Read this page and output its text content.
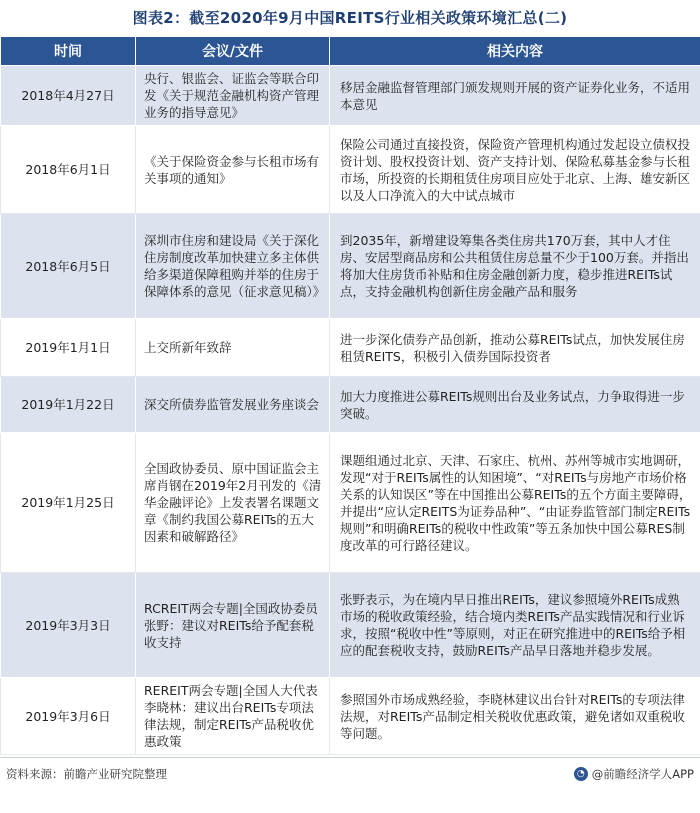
图表2：截至2020年9月中国REITS行业相关政策环境汇总(二)
时间	会议/文件	相关内容
2018年4月27日	央行、银监会、证监会等联合印发《关于规范金融机构资产管理业务的指导意见》	移居金融监督管理部门颁发规则开展的资产证券化业务，不适用本意见
2018年6月1日	《关于保险资金参与长租市场有关事项的通知》	保险公司通过直接投资，保险资产管理机构通过发起设立债权投资计划、股权投资计划、资产支持计划、保险私募基金参与长租市场，所投资的长期租赁住房项目应处于北京、上海、雄安新区以及人口净流入的大中试点城市
2018年6月5日	深圳市住房和建设局《关于深化住房制度改革加快建立多主体供给多渠道保障租购并举的住房于保障体系的意见（征求意见稿）》	到2035年，新增建设筹集各类住房共170万套，其中人才住房、安居型商品房和公共租赁住房总量不少于100万套。并指出将加大住房货币补贴和住房金融创新力度，稳步推进REITs试点，支持金融机构创新住房金融产品和服务
2019年1月1日	上交所新年致辞	进一步深化债券产品创新，推动公募REITs试点，加快发展住房租赁REITS，积极引入债券国际投资者
2019年1月22日	深交所债券监管发展业务座谈会	加大力度推进公募REITs规则出台及业务试点，力争取得进一步突破。
2019年1月25日	全国政协委员、原中国证监会主席肖钢在2019年2月刊发的《清华金融评论》上发表署名课题文章《制约我国公募REITs的五大因素和破解路径》	课题组通过北京、天津、石家庄、杭州、苏州等城市实地调研，发现“对于REITs属性的认知困境”、“对REITs与房地产市场价格关系的认知误区”等在中国推出公募REITs的五个方面主要障碍，并提出“应认定REITS为证券品种”、“由证券监管部门制定REITs规则”和明确REITs的税收中性政策”等五条加快中国公募RES制度改革的可行路径建议。
2019年3月3日	RCREIT两会专题|全国政协委员张野：建议对REITs给予配套税收支持	张野表示，为在境内早日推出REITs，建议参照境外REITs成熟市场的税收政策经验，结合境内类REITs产品实践情况和行业诉求，按照“税收中性”等原则，对正在研究推进中的REITs给予相应的配套税收支持，鼓励REITs产品早日落地并稳步发展。
2019年3月6日	REREIT两会专题|全国人大代表李晓林：建议出台REITs专项法律法规，制定REITs产品税收优惠政策	参照国外市场成熟经验，李晓林建议出台针对REITs的专项法律法规，对REITs产品制定相关税收优惠政策，避免诸如双重税收等问题。
资料来源：前瞻产业研究院整理	◔ @前瞻经济学人APP
